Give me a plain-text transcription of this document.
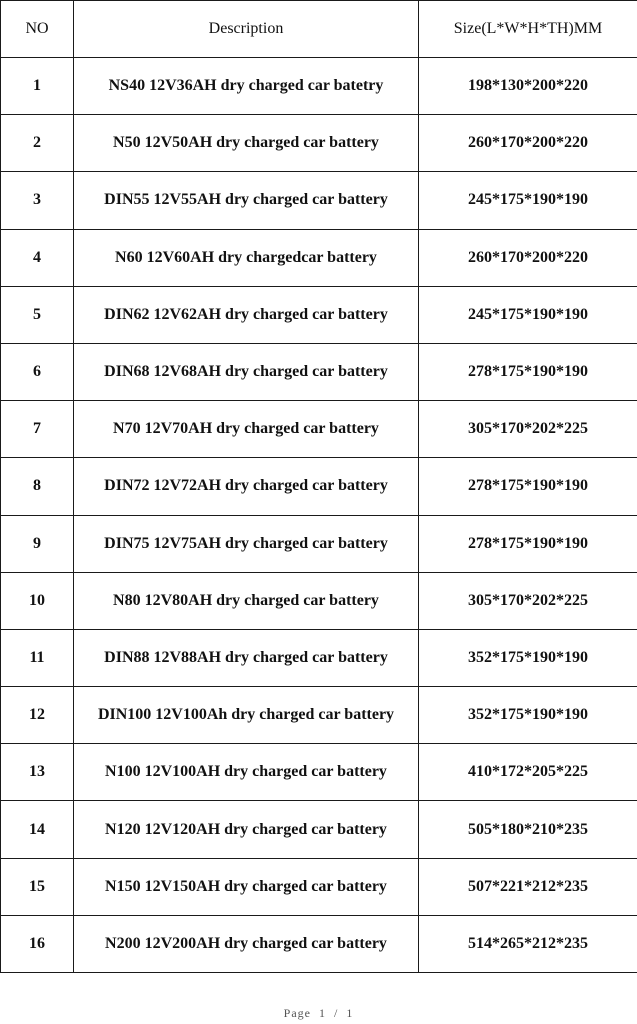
NO	Description	Size(L*W*H*TH)MM
1	NS40 12V36AH dry charged car batetry	198*130*200*220
2	N50 12V50AH dry charged car battery	260*170*200*220
3	DIN55 12V55AH dry charged car battery	245*175*190*190
4	N60 12V60AH dry chargedcar battery	260*170*200*220
5	DIN62 12V62AH dry charged car battery	245*175*190*190
6	DIN68 12V68AH dry charged car battery	278*175*190*190
7	N70 12V70AH dry charged car battery	305*170*202*225
8	DIN72 12V72AH dry charged car battery	278*175*190*190
9	DIN75 12V75AH dry charged car battery	278*175*190*190
10	N80 12V80AH dry charged car battery	305*170*202*225
11	DIN88 12V88AH dry charged car battery	352*175*190*190
12	DIN100 12V100Ah dry charged car battery	352*175*190*190
13	N100 12V100AH dry charged car battery	410*172*205*225
14	N120 12V120AH dry charged car battery	505*180*210*235
15	N150 12V150AH dry charged car battery	507*221*212*235
16	N200 12V200AH dry charged car battery	514*265*212*235
Page  1  /  1
